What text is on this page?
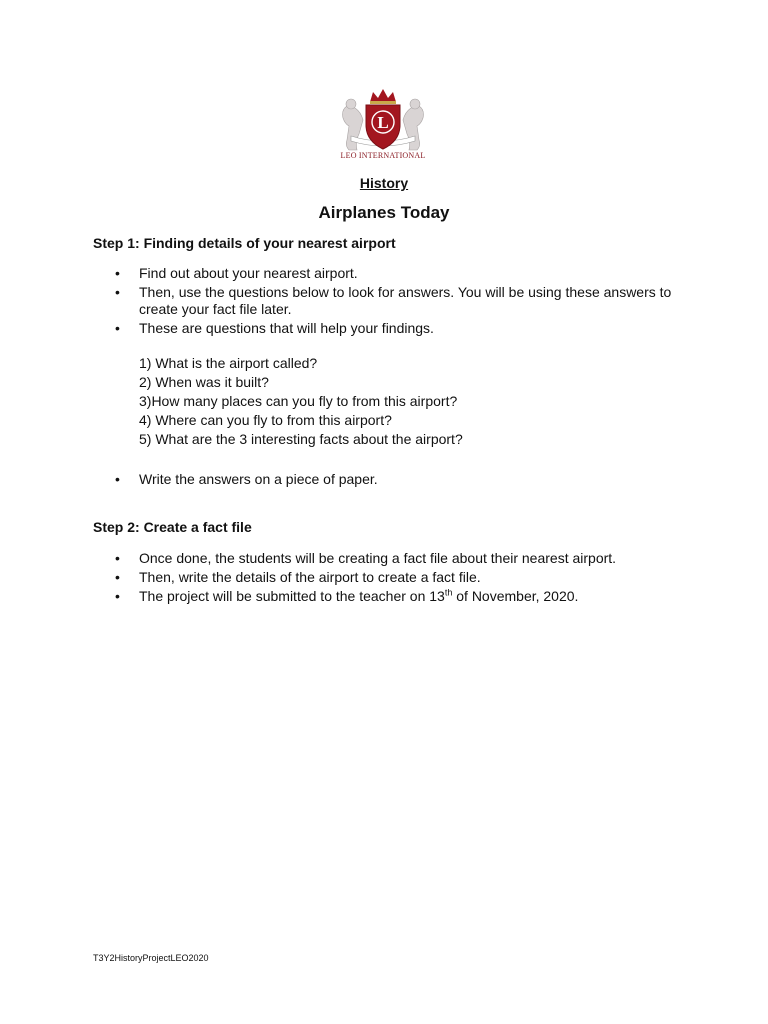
L
LEO INTERNATIONAL
History
Airplanes Today
Step 1: Finding details of your nearest airport
• Find out about your nearest airport.
• Then, use the questions below to look for answers. You will be using these answers to create your fact file later.
• These are questions that will help your findings.
1) What is the airport called?
2) When was it built?
3)How many places can you fly to from this airport?
4) Where can you fly to from this airport?
5) What are the 3 interesting facts about the airport?
• Write the answers on a piece of paper.
Step 2: Create a fact file
• Once done, the students will be creating a fact file about their nearest airport.
• Then, write the details of the airport to create a fact file.
• The project will be submitted to the teacher on 13th of November, 2020.
T3Y2HistoryProjectLEO2020
